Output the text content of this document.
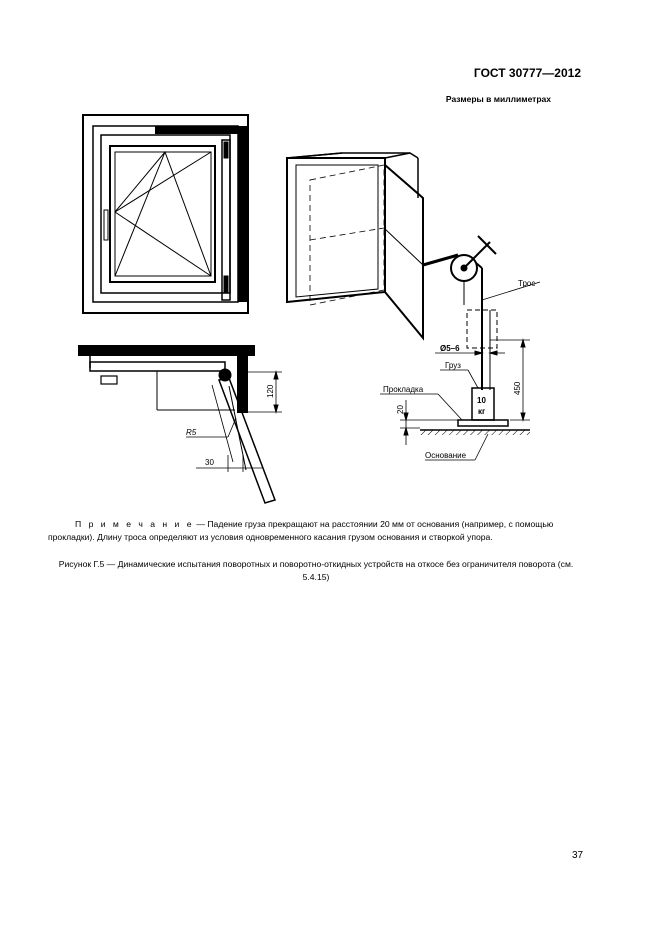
ГОСТ 30777—2012
Размеры в миллиметрах
Трос
Ø5–6
Груз
Прокладка
Основание
10
кг
450
120
20
30
R5

П р и м е ч а н и е — Падение груза прекращают на расстоянии 20 мм от основания (например, с помощью

прокладки). Длину троса определяют из условия одновременного касания грузом основания и створкой упора.

Рисунок Г.5 — Динамические испытания поворотных и поворотно-откидных устройств на откосе без ограничителя поворота (см. 5.4.15)
37
